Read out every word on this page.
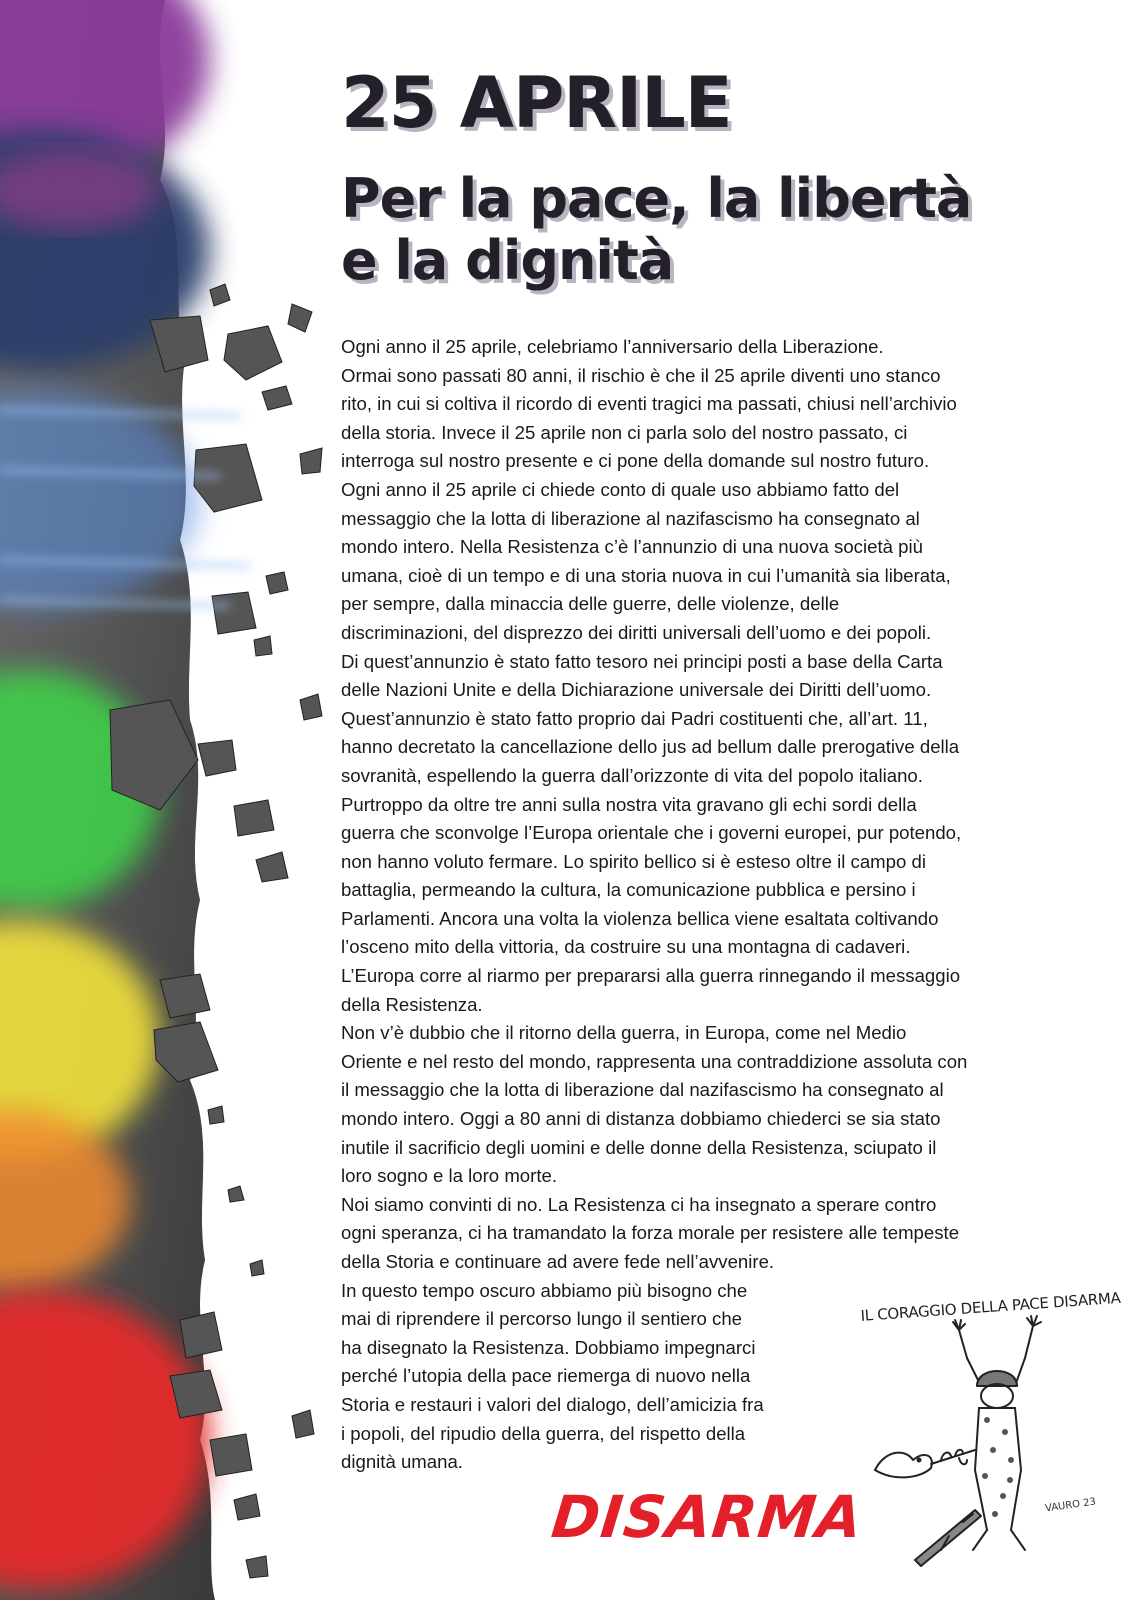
25 APRILE
Per la pace, la libertà
e la dignità
Ogni anno il 25 aprile, celebriamo l’anniversario della Liberazione.
Ormai sono passati 80 anni, il rischio è che il 25 aprile diventi uno stanco
rito, in cui si coltiva il ricordo di eventi tragici ma passati, chiusi nell’archivio
della storia. Invece il 25 aprile non ci parla solo del nostro passato, ci
interroga sul nostro presente e ci pone della domande sul nostro futuro.
Ogni anno il 25 aprile ci chiede conto di quale uso abbiamo fatto del
messaggio che la lotta di liberazione al nazifascismo ha consegnato al
mondo intero. Nella Resistenza c’è l’annunzio di una nuova società più
umana, cioè di un tempo e di una storia nuova in cui l’umanità sia liberata,
per sempre, dalla minaccia delle guerre, delle violenze, delle
discriminazioni, del disprezzo dei diritti universali dell’uomo e dei popoli.
Di quest’annunzio è stato fatto tesoro nei principi posti a base della Carta
delle Nazioni Unite e della Dichiarazione universale dei Diritti dell’uomo.
Quest’annunzio è stato fatto proprio dai Padri costituenti che, all’art. 11,
hanno decretato la cancellazione dello jus ad bellum dalle prerogative della
sovranità, espellendo la guerra dall’orizzonte di vita del popolo italiano.
Purtroppo da oltre tre anni sulla nostra vita gravano gli echi sordi della
guerra che sconvolge l’Europa orientale che i governi europei, pur potendo,
non hanno voluto fermare. Lo spirito bellico si è esteso oltre il campo di
battaglia, permeando la cultura, la comunicazione pubblica e persino i
Parlamenti. Ancora una volta la violenza bellica viene esaltata coltivando
l’osceno mito della vittoria, da costruire su una montagna di cadaveri.
L’Europa corre al riarmo per prepararsi alla guerra rinnegando il messaggio
della Resistenza.
Non v’è dubbio che il ritorno della guerra, in Europa, come nel Medio
Oriente e nel resto del mondo, rappresenta una contraddizione assoluta con
il messaggio che la lotta di liberazione dal nazifascismo ha consegnato al
mondo intero. Oggi a 80 anni di distanza dobbiamo chiederci se sia stato
inutile il sacrificio degli uomini e delle donne della Resistenza, sciupato il
loro sogno e la loro morte.
Noi siamo convinti di no. La Resistenza ci ha insegnato a sperare contro
ogni speranza, ci ha tramandato la forza morale per resistere alle tempeste
della Storia e continuare ad avere fede nell’avvenire.
In questo tempo oscuro abbiamo più bisogno che
mai di riprendere il percorso lungo il sentiero che
ha disegnato la Resistenza. Dobbiamo impegnarci
perché l’utopia della pace riemerga di nuovo nella
Storia e restauri i valori del dialogo, dell’amicizia fra
i popoli, del ripudio della guerra, del rispetto della
dignità umana.
IL CORAGGIO DELLA PACE DISARMA
VAURO 23
DISARMA
